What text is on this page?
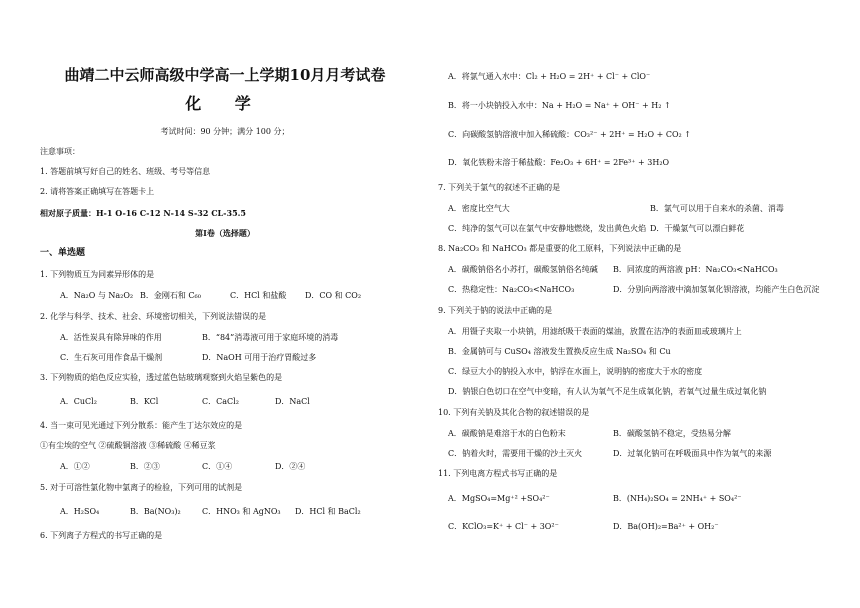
曲靖二中云师高级中学高一上学期10月月考试卷
化 学
考试时间：90 分钟；满分 100 分；
注意事项：
1. 答题前填写好自己的姓名、班级、考号等信息
2. 请将答案正确填写在答题卡上
相对原子质量：H-1 O-16 C-12 N-14 S-32 CL-35.5
第Ⅰ卷（选择题）
一、单选题
1. 下列物质互为同素异形体的是
A．Na₂O 与 Na₂O₂ B．金刚石和 C₆₀	C．HCl 和盐酸 D．CO 和 CO₂
2. 化学与科学、技术、社会、环境密切相关，下列说法错误的是
A．活性炭具有除异味的作用	B．“84”消毒液可用于家庭环境的消毒
C．生石灰可用作食品干燥剂	D．NaOH 可用于治疗胃酸过多
3. 下列物质的焰色反应实验，透过蓝色钴玻璃观察到火焰呈紫色的是
A．CuCl₂	B．KCl	C．CaCl₂	D．NaCl
4. 当一束可见光通过下列分散系：能产生丁达尔效应的是
①有尘埃的空气 ②硫酸铜溶液 ③稀硫酸 ④稀豆浆
A．①②	B．②③	C．①④	D．②④
5. 对于可溶性氯化物中氯离子的检验，下列可用的试剂是
A．H₂SO₄	B．Ba(NO₃)₂	C．HNO₃ 和 AgNO₃ D．HCl 和 BaCl₂
6. 下列离子方程式的书写正确的是
A．将氯气通入水中：Cl₂ + H₂O = 2H⁺ + Cl⁻ + ClO⁻
B．将一小块钠投入水中：Na + H₂O = Na⁺ + OH⁻ + H₂ ↑
C．向碳酸氢钠溶液中加入稀硫酸：CO₃²⁻ + 2H⁺ = H₂O + CO₂ ↑
D．氧化铁粉末溶于稀盐酸：Fe₂O₃ + 6H⁺ = 2Fe³⁺ + 3H₂O
7. 下列关于氯气的叙述不正确的是
A．密度比空气大	B．氯气可以用于自来水的杀菌、消毒
C．纯净的氢气可以在氯气中安静地燃烧，发出黄色火焰 D．干燥氯气可以漂白鲜花
8. Na₂CO₃ 和 NaHCO₃ 都是重要的化工原料，下列说法中正确的是
A．碳酸钠俗名小苏打，碳酸氢钠俗名纯碱 B．同浓度的两溶液 pH：Na₂CO₃<NaHCO₃
C．热稳定性：Na₂CO₃<NaHCO₃	D．分别向两溶液中滴加氢氧化钡溶液，均能产生白色沉淀
9. 下列关于钠的说法中正确的是
A．用镊子夹取一小块钠，用滤纸吸干表面的煤油，放置在洁净的表面皿或玻璃片上
B．金属钠可与 CuSO₄ 溶液发生置换反应生成 Na₂SO₄ 和 Cu
C．绿豆大小的钠投入水中，钠浮在水面上，说明钠的密度大于水的密度
D．钠银白色切口在空气中变暗，有人认为氧气不足生成氧化钠，若氧气过量生成过氧化钠
10. 下列有关钠及其化合物的叙述错误的是
A．碳酸钠是难溶于水的白色粉末	B．碳酸氢钠不稳定，受热易分解
C．钠着火时，需要用干燥的沙土灭火	D．过氧化钠可在呼吸面具中作为氧气的来源
11. 下列电离方程式书写正确的是
A．MgSO₄=Mg⁺² +SO₄²⁻	B．(NH₄)₂SO₄ = 2NH₄⁺ + SO₄²⁻
C．KClO₃=K⁺ + Cl⁻ + 3O²⁻	D．Ba(OH)₂=Ba²⁺ + OH₂⁻
